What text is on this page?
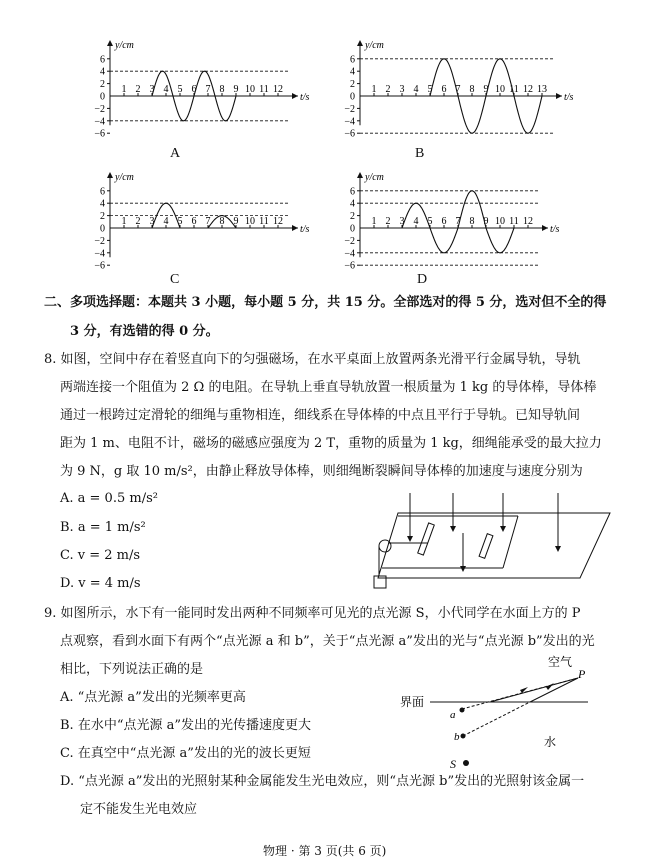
y/cm
t/s
6
4
2
0
−2
−4
−6
1 2 3 4 5 6 7 8 9 10 11 12
A
y/cm
t/s
6
4
2
0
−2
−4
−6
1 2 3 4 5 6 7 8 9 10 11 12 13
B
y/cm
t/s
6
4
2
0
−2
−4
−6
1 2 3 4 5 6 7 8 9 10 11 12
C
y/cm
t/s
6
4
2
0
−2
−4
−6
1 2 3 4 5 6 7 8 9 10 11 12
D
二、多项选择题：本题共 3 小题，每小题 5 分，共 15 分。全部选对的得 5 分，选对但不全的得
3 分，有选错的得 0 分。
8. 如图，空间中存在着竖直向下的匀强磁场，在水平桌面上放置两条光滑平行金属导轨，导轨
两端连接一个阻值为 2 Ω 的电阻。在导轨上垂直导轨放置一根质量为 1 kg 的导体棒，导体棒
通过一根跨过定滑轮的细绳与重物相连，细线系在导体棒的中点且平行于导轨。已知导轨间
距为 1 m、电阻不计，磁场的磁感应强度为 2 T，重物的质量为 1 kg，细绳能承受的最大拉力
为 9 N，g 取 10 m/s²，由静止释放导体棒，则细绳断裂瞬间导体棒的加速度与速度分别为
A. a = 0.5 m/s²
B. a = 1 m/s²
C. v = 2 m/s
D. v = 4 m/s
9. 如图所示，水下有一能同时发出两种不同频率可见光的点光源 S，小代同学在水面上方的 P
点观察，看到水面下有两个“点光源 a 和 b”，关于“点光源 a”发出的光与“点光源 b”发出的光
相比，下列说法正确的是
A. “点光源 a”发出的光频率更高
B. 在水中“点光源 a”发出的光传播速度更大
C. 在真空中“点光源 a”发出的光的波长更短
D. “点光源 a”发出的光照射某种金属能发生光电效应，则“点光源 b”发出的光照射该金属一
定不能发生光电效应
空气
界面
水
P
a
b
S
物理 · 第 3 页(共 6 页)
